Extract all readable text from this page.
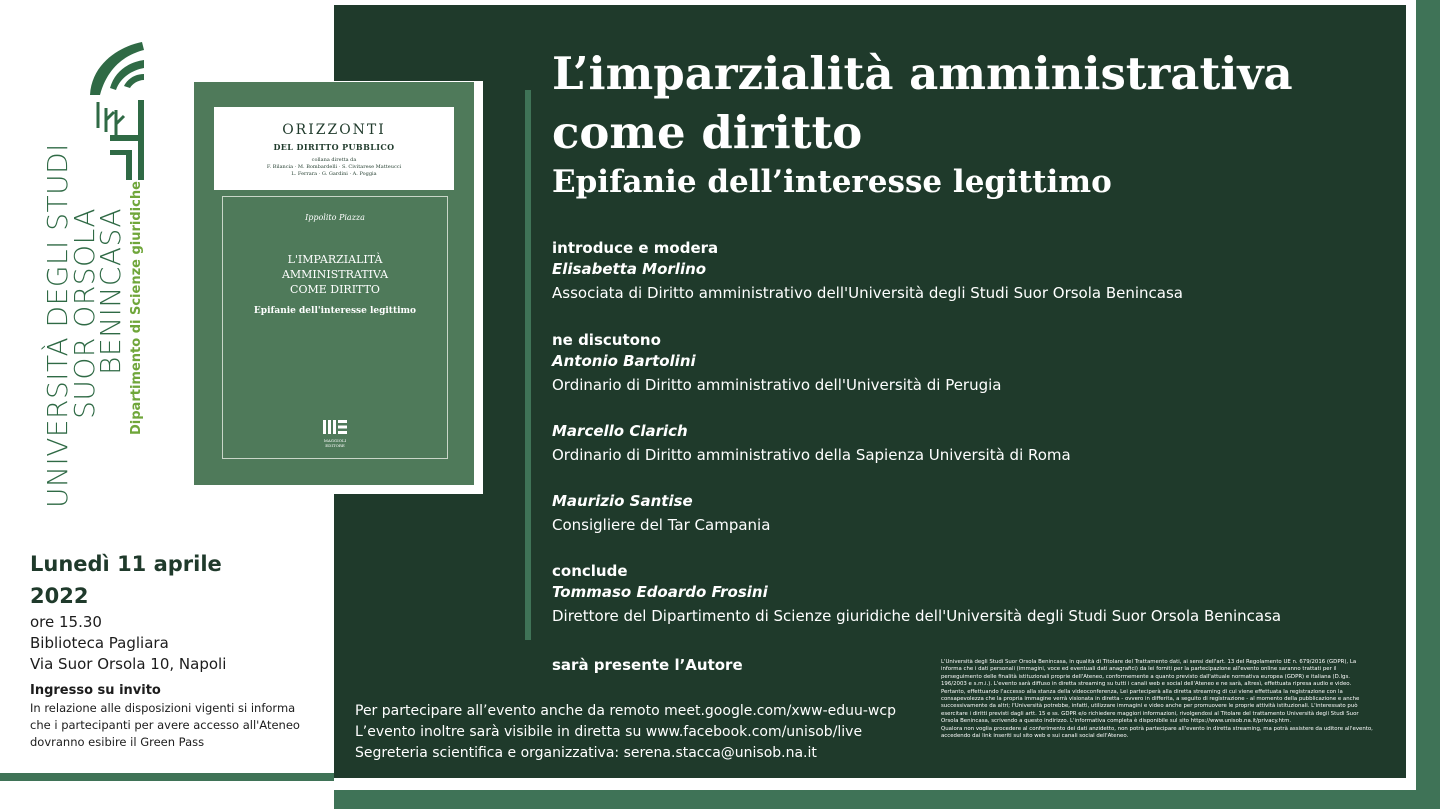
UNIVERSITÀ DEGLI STUDI
SUOR ORSOLA
BENINCASA Dipartimento di Scienze giuridiche
Lunedì 11 aprile
2022
ore 15.30
Biblioteca Pagliara
Via Suor Orsola 10, Napoli
Ingresso su invito
In relazione alle disposizioni vigenti si informa
che i partecipanti per avere accesso all'Ateneo
dovranno esibire il Green Pass
ORIZZONTI
DEL DIRITTO PUBBLICO
collana diretta da
F. Bilancia · M. Bombardelli · S. Civitarese Matteucci
L. Ferrara · G. Gardini · A. Poggia
Ippolito Piazza
L'IMPARZIALITÀ
AMMINISTRATIVA
COME DIRITTO
Epifanie dell'interesse legittimo
MAGGIOLI
EDITORE
L’imparzialità amministrativa
come diritto
Epifanie dell’interesse legittimo
introduce e modera
Elisabetta Morlino
Associata di Diritto amministrativo dell'Università degli Studi Suor Orsola Benincasa
ne discutono
Antonio Bartolini
Ordinario di Diritto amministrativo dell'Università di Perugia
Marcello Clarich
Ordinario di Diritto amministrativo della Sapienza Università di Roma
Maurizio Santise
Consigliere del Tar Campania
conclude
Tommaso Edoardo Frosini
Direttore del Dipartimento di Scienze giuridiche dell'Università degli Studi Suor Orsola Benincasa
sarà presente l’Autore
Per partecipare all’evento anche da remoto meet.google.com/xww-eduu-wcp
L’evento inoltre sarà visibile in diretta su www.facebook.com/unisob/live
Segreteria scientifica e organizzativa: serena.stacca@unisob.na.it

L'Università degli Studi Suor Orsola Benincasa, in qualità di Titolare del Trattamento dati, ai sensi dell'art. 13 del Regolamento UE n. 679/2016 (GDPR), La informa che i dati personali (immagini, voce ed eventuali dati anagrafici) da lei forniti per la partecipazione all'evento online saranno trattati per il perseguimento delle finalità istituzionali proprie dell'Ateneo, conformemente a quanto previsto dall'attuale normativa europea (GDPR) e italiana (D.lgs. 196/2003 e s.m.i.). L'evento sarà diffuso in diretta streaming su tutti i canali web e social dell'Ateneo e ne sarà, altresì, effettuata ripresa audio e video. Pertanto, effettuando l'accesso alla stanza della videoconferenza, Lei parteciperà alla diretta streaming di cui viene effettuata la registrazione con la consapevolezza che la propria immagine verrà visionata in diretta - ovvero in differita, a seguito di registrazione - al momento della pubblicazione e anche successivamente da altri; l'Università potrebbe, infatti, utilizzare immagini e video anche per promuovere le proprie attività istituzionali. L'interessato può esercitare i diritti previsti dagli artt. 15 e ss. GDPR e/o richiedere maggiori informazioni, rivolgendosi al Titolare del trattamento Università degli Studi Suor Orsola Benincasa, scrivendo a questo indirizzo. L'informativa completa è disponibile sul sito https://www.unisob.na.it/privacy.htm.

Qualora non voglia procedere al conferimento dei dati anzidetto, non potrà partecipare all'evento in diretta streaming, ma potrà assistere da uditore all'evento, accedendo dai link inseriti sul sito web e sui canali social dell'Ateneo.
